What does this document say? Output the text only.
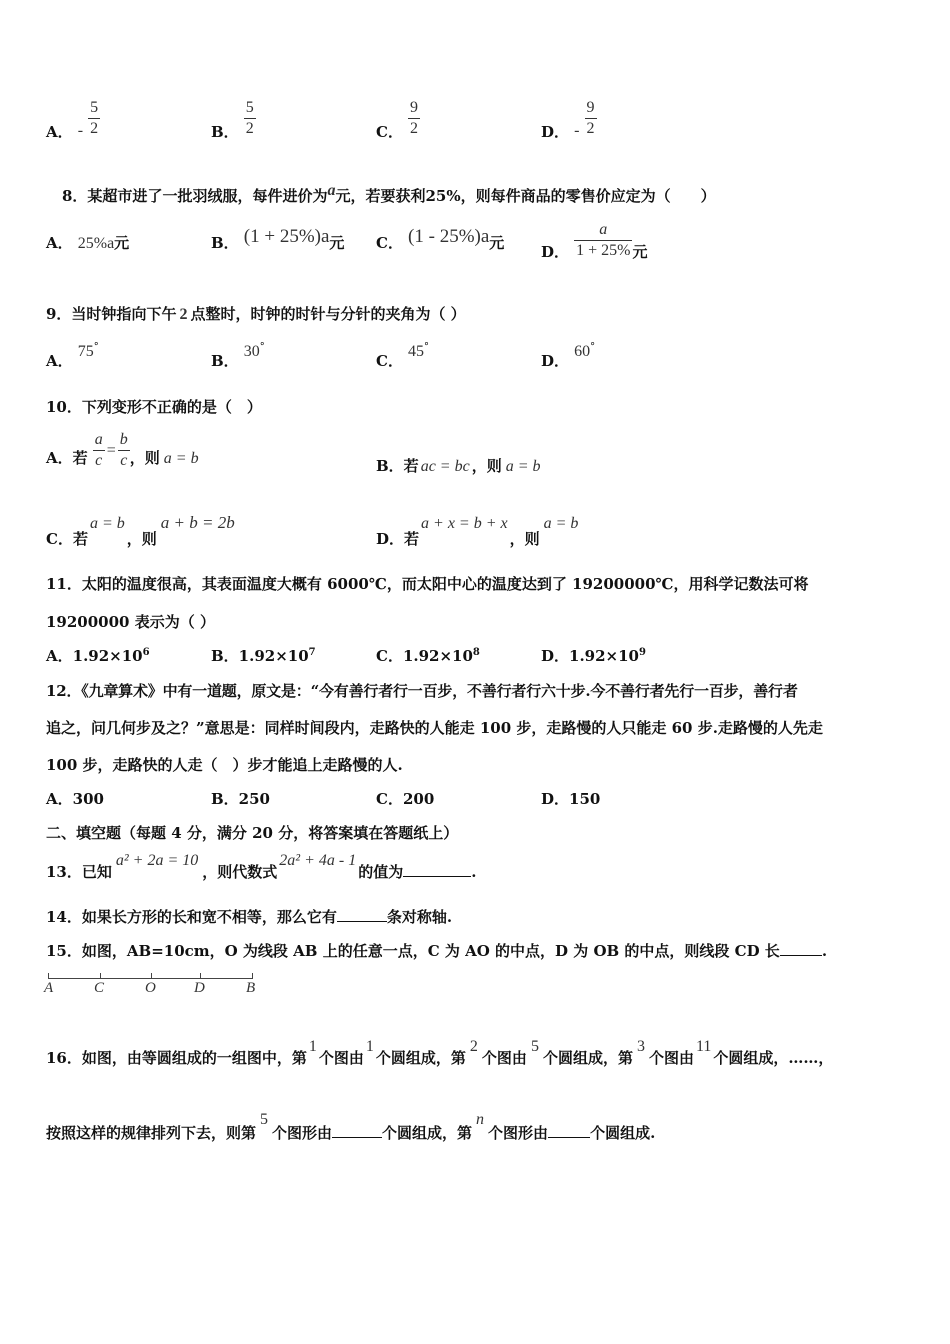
A． - $\frac{5}{2}$	B． $\frac{5}{2}$	C． $\frac{9}{2}$	D． - $\frac{9}{2}$
8．某超市进了一批羽绒服，每件进价为a元，若要获利25%，则每件商品的零售价应定为（　　）
A． 25%a元	B． (1 + 25%)a元 C． (1 - 25%)a元 D． $\frac{a}{1 + 25\%}$ 元
9．当时钟指向下午 2 点整时，时钟的时针与分针的夹角为（ ）
A． 75°
B． 30°
C． 45°
D． 60°
10．下列变形不正确的是（　）
A．若 $\frac{a}{c} = \frac{b}{c}$ ，则 a = b	B．若 ac = bc ，则 a = b
C．若a = b，则a + b = 2b
D．若a + x = b + x，则a = b
11．太阳的温度很高，其表面温度大概有 6000℃，而太阳中心的温度达到了 19200000℃，用科学记数法可将
19200000 表示为（ ）
A．$1.92\times 10^6$	B．$1.92\times 10^7$	C．$1.92\times 10^8$	D．$1.92\times 10^9$
12．《九章算术》中有一道题，原文是：“今有善行者行一百步，不善行者行六十步.今不善行者先行一百步，善行者
追之，问几何步及之？”意思是：同样时间段内，走路快的人能走 100 步，走路慢的人只能走 60 步.走路慢的人先走
100 步，走路快的人走（　）步才能追上走路慢的人.
A．300	B．250	C．200	D．150
二、填空题（每题 4 分，满分 20 分，将答案填在答题纸上）
13．已知a² + 2a = 10，则代数式2a² + 4a - 1的值为	.
14．如果长方形的长和宽不相等，那么它有	条对称轴.
15．如图，AB=10cm，O 为线段 AB 上的任意一点，C 为 AO 的中点，D 为 OB 的中点，则线段 CD 长	.
A	C	O	D	B
16．如图，由等圆组成的一组图中，第1个图由1个圆组成，第2个图由5个圆组成，第3个图由11个圆组成，……，
按照这样的规律排列下去，则第5个图形由	个圆组成，第n个图形由	个圆组成.
